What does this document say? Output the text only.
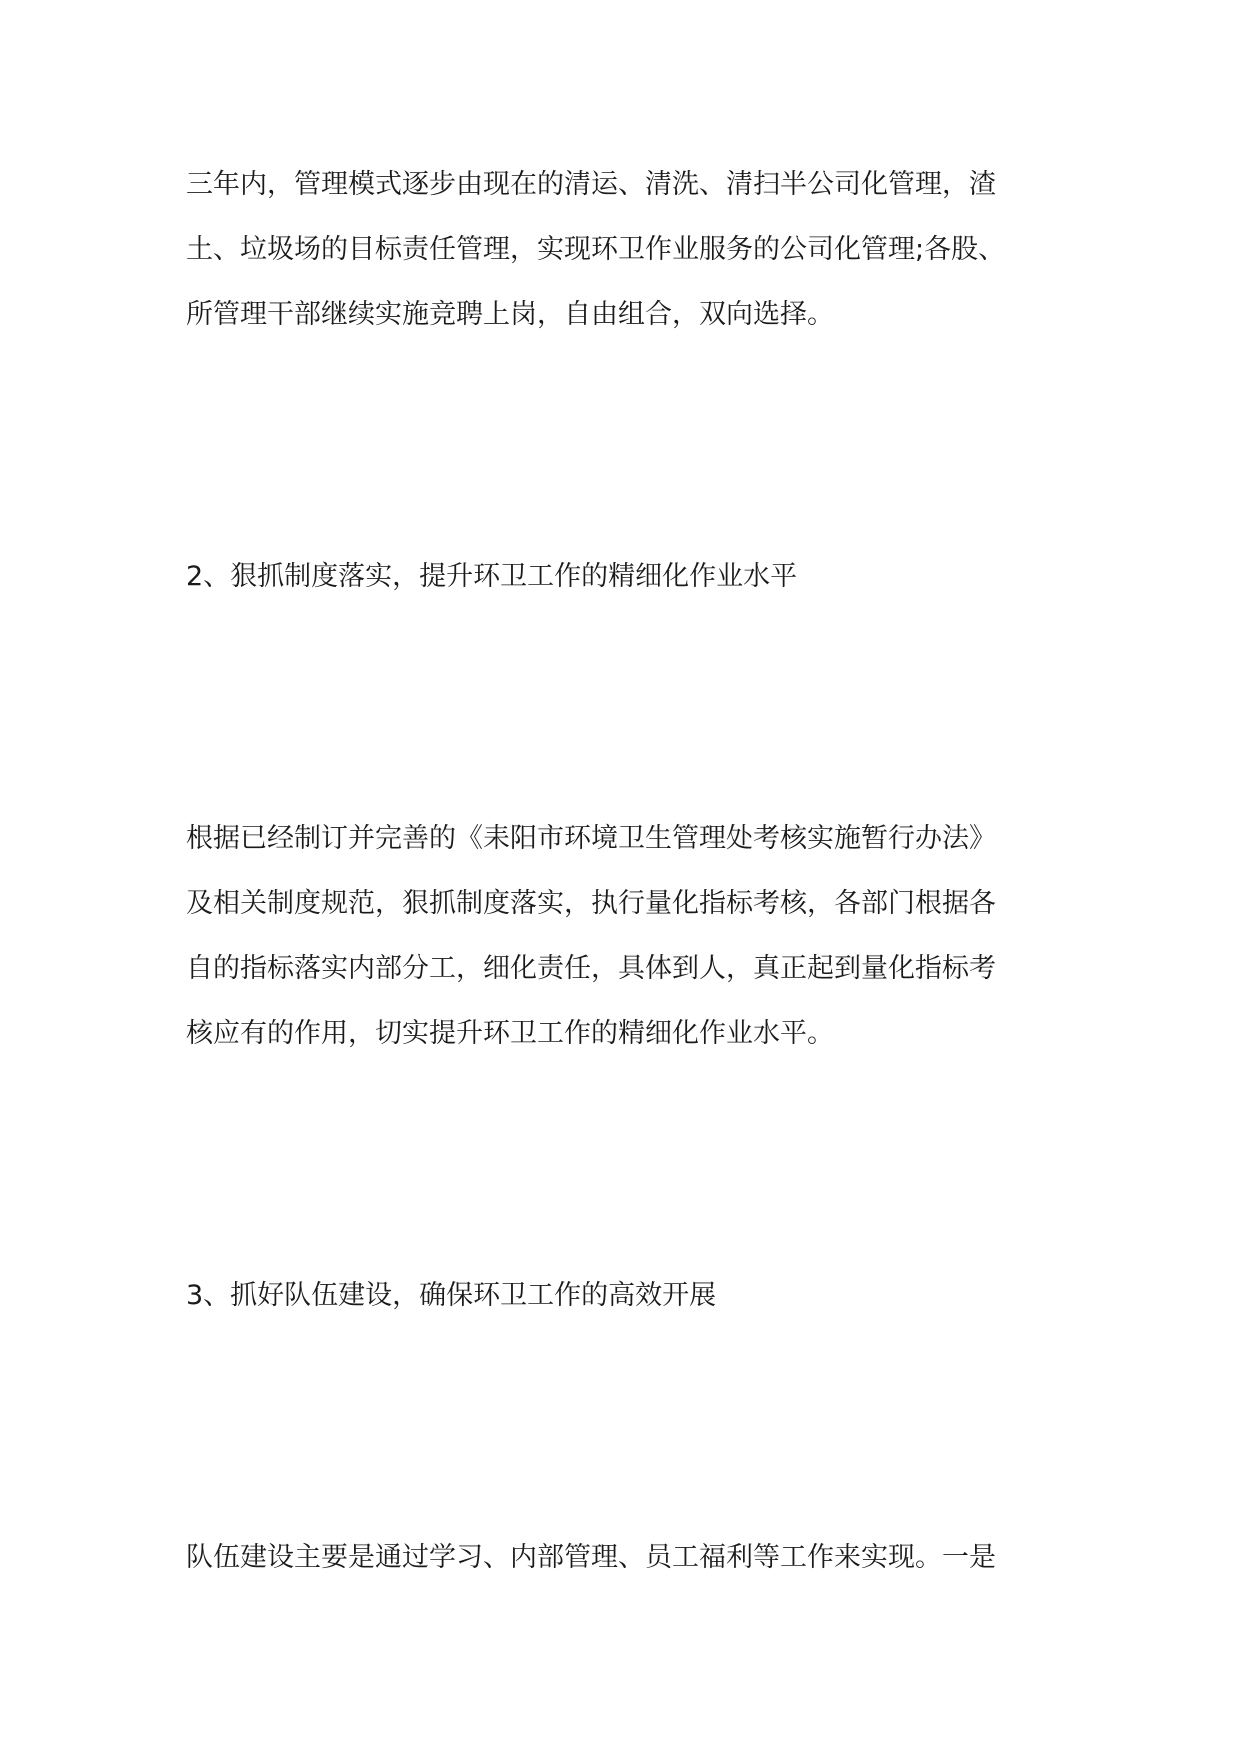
三年内，管理模式逐步由现在的清运、清洗、清扫半公司化管理，渣
土、垃圾场的目标责任管理，实现环卫作业服务的公司化管理;各股、
所管理干部继续实施竞聘上岗，自由组合，双向选择。
2、狠抓制度落实，提升环卫工作的精细化作业水平
根据已经制订并完善的《耒阳市环境卫生管理处考核实施暂行办法》
及相关制度规范，狠抓制度落实，执行量化指标考核，各部门根据各
自的指标落实内部分工，细化责任，具体到人，真正起到量化指标考
核应有的作用，切实提升环卫工作的精细化作业水平。
3、抓好队伍建设，确保环卫工作的高效开展
队伍建设主要是通过学习、内部管理、员工福利等工作来实现。一是
